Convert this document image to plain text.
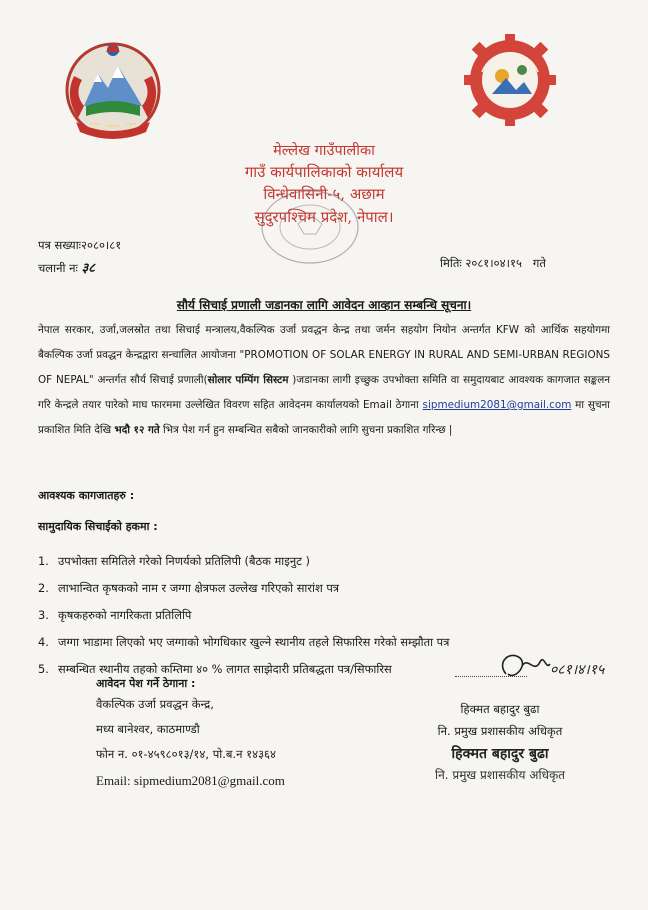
मेल्लेख गाउँपालीका
गाउँ कार्यपालिकाको कार्यालय
विन्धेवासिनी-५, अछाम
सुदुरपश्चिम प्रदेश, नेपाल।
पत्र सख्याः२०८०।८१
चलानी नः ३८	मितिः २०८१।०४।१५ गते
सौर्य सिचाई प्रणाली जडानका लागि आवेदन आव्हान सम्बन्धि सूचना।
नेपाल सरकार, उर्जा,जलस्रोत तथा सिचाई मन्त्रालय,वैकल्पिक उर्जा प्रवद्धन केन्द्र तथा जर्मन सहयोग नियोन अन्तर्गत KFW को आर्थिक सहयोगमा बैकल्पिक उर्जा प्रवद्धन केन्द्रद्वारा सन्चालित आयोजना "PROMOTION OF SOLAR ENERGY IN RURAL AND SEMI-URBAN REGIONS OF NEPAL" अन्तर्गत सौर्य सिचाई प्रणाली(सोलार पम्पिंग सिस्टम )जडानका लागी इच्छुक उपभोक्ता समिति वा समुदायबाट आवश्यक कागजात सङ्कलन गरि केन्द्रले तयार पारेको माघ फारममा उल्लेखित विवरण सहित आवेदनम कार्यालयको Email ठेगाना sipmedium2081@gmail.com मा सुचना प्रकाशित मिति देखि भदौ १२ गते भित्र पेश गर्न हुन सम्बन्धित सबैको जानकारीको लागि सुचना प्रकाशित गरिन्छ |
आवश्यक कागजातहरु :
सामुदायिक सिचाईको हकमा :
1. उपभोक्ता समितिले गरेको निणर्यको प्रतिलिपी (बैठक माइनुट )
2. लाभान्वित कृषकको नाम र जग्गा क्षेत्रफल उल्लेख गरिएको सारांश पत्र
3. कृषकहरुको नागरिकता प्रतिलिपि
4. जग्गा भाडामा लिएको भए जग्गाको भोगधिकार खुल्ने स्थानीय तहले सिफारिस गरेको सम्झौता पत्र
5. सम्बन्धित स्थानीय तहको कम्तिमा ४० % लागत साझेदारी प्रतिबद्धता पत्र/सिफारिस
आवेदन पेश गर्ने ठेगाना :
वैकल्पिक उर्जा प्रवद्धन केन्द्र,
मध्य बानेश्वर, काठमाण्डौ
फोन न. ०१-४५९८०१३/१४, पो.ब.न १४३६४
Email: sipmedium2081@gmail.com
०८१।४।१५
हिक्मत बहादुर बुढा
नि. प्रमुख प्रशासकीय अधिकृत
हिक्मत बहादुर बुढा
नि. प्रमुख प्रशासकीय अधिकृत
